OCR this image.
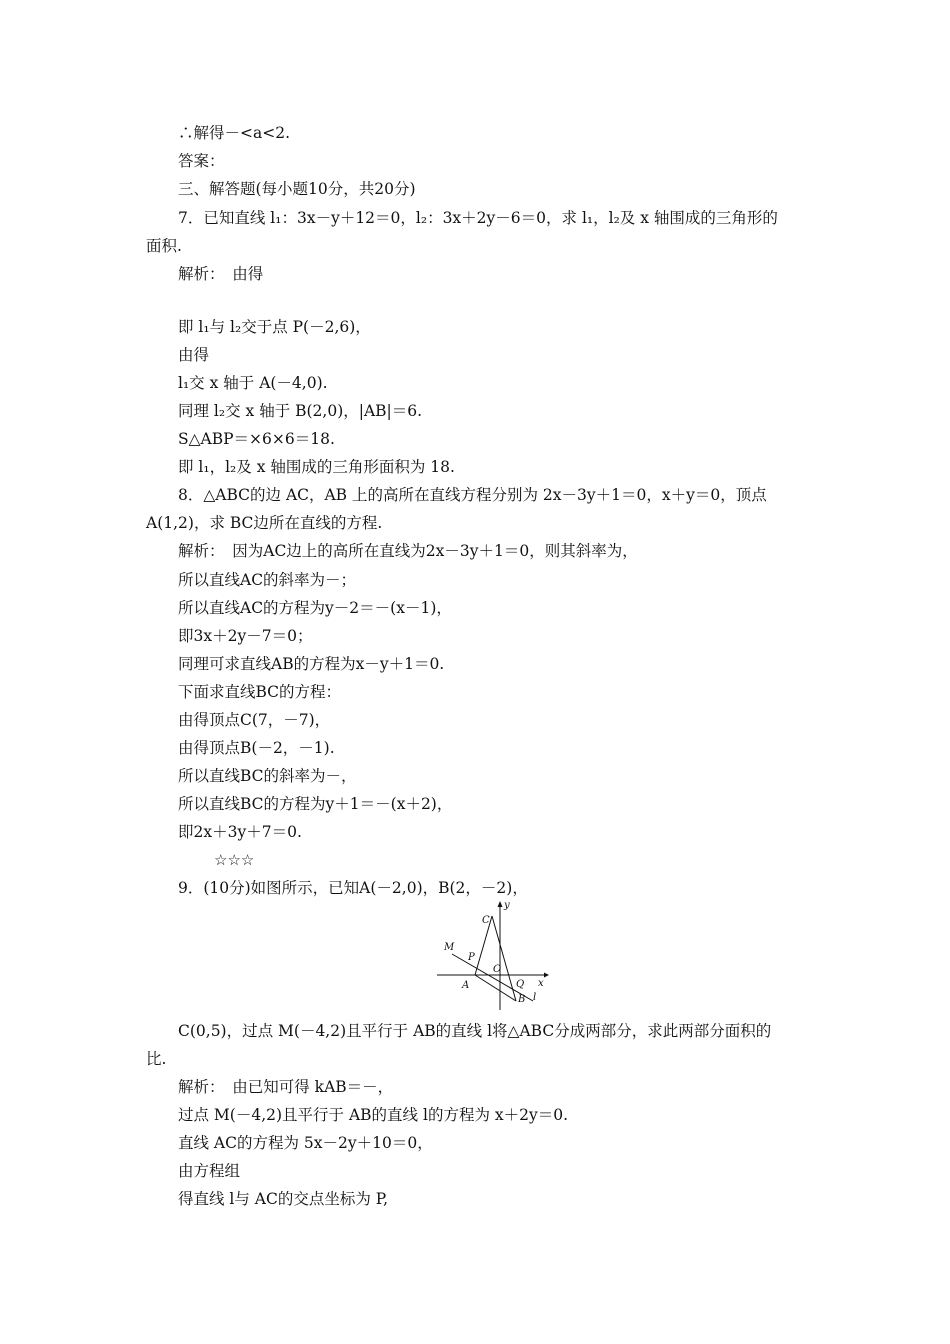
∴解得－<a<2.
答案：
三、解答题(每小题10分，共20分)
7．已知直线 l₁：3x－y＋12＝0，l₂：3x＋2y－6＝0，求 l₁，l₂及 x 轴围成的三角形的
面积.
解析：　由得
即 l₁与 l₂交于点 P(－2,6)，
由得
l₁交 x 轴于 A(－4,0).
同理 l₂交 x 轴于 B(2,0)，|AB|＝6.
S△ABP＝×6×6＝18.
即 l₁，l₂及 x 轴围成的三角形面积为 18.
8．△ABC的边 AC，AB 上的高所在直线方程分别为 2x－3y＋1＝0，x＋y＝0，顶点
A(1,2)，求 BC边所在直线的方程.
解析：　因为AC边上的高所在直线为2x－3y＋1＝0，则其斜率为，
所以直线AC的斜率为－；
所以直线AC的方程为y－2＝－(x－1)，
即3x＋2y－7＝0；
同理可求直线AB的方程为x－y＋1＝0.
下面求直线BC的方程：
由得顶点C(7，－7)，
由得顶点B(－2，－1).
所以直线BC的斜率为－，
所以直线BC的方程为y＋1＝－(x＋2)，
即2x＋3y＋7＝0.
☆☆☆
9．(10分)如图所示，已知A(－2,0)，B(2，－2)，
y
x
C
M
P
O
A	Q
B l
C(0,5)，过点 M(－4,2)且平行于 AB的直线 l将△ABC分成两部分，求此两部分面积的
比.
解析：　由已知可得 kAB＝－，
过点 M(－4,2)且平行于 AB的直线 l的方程为 x＋2y＝0.
直线 AC的方程为 5x－2y＋10＝0，
由方程组
得直线 l与 AC的交点坐标为 P,
